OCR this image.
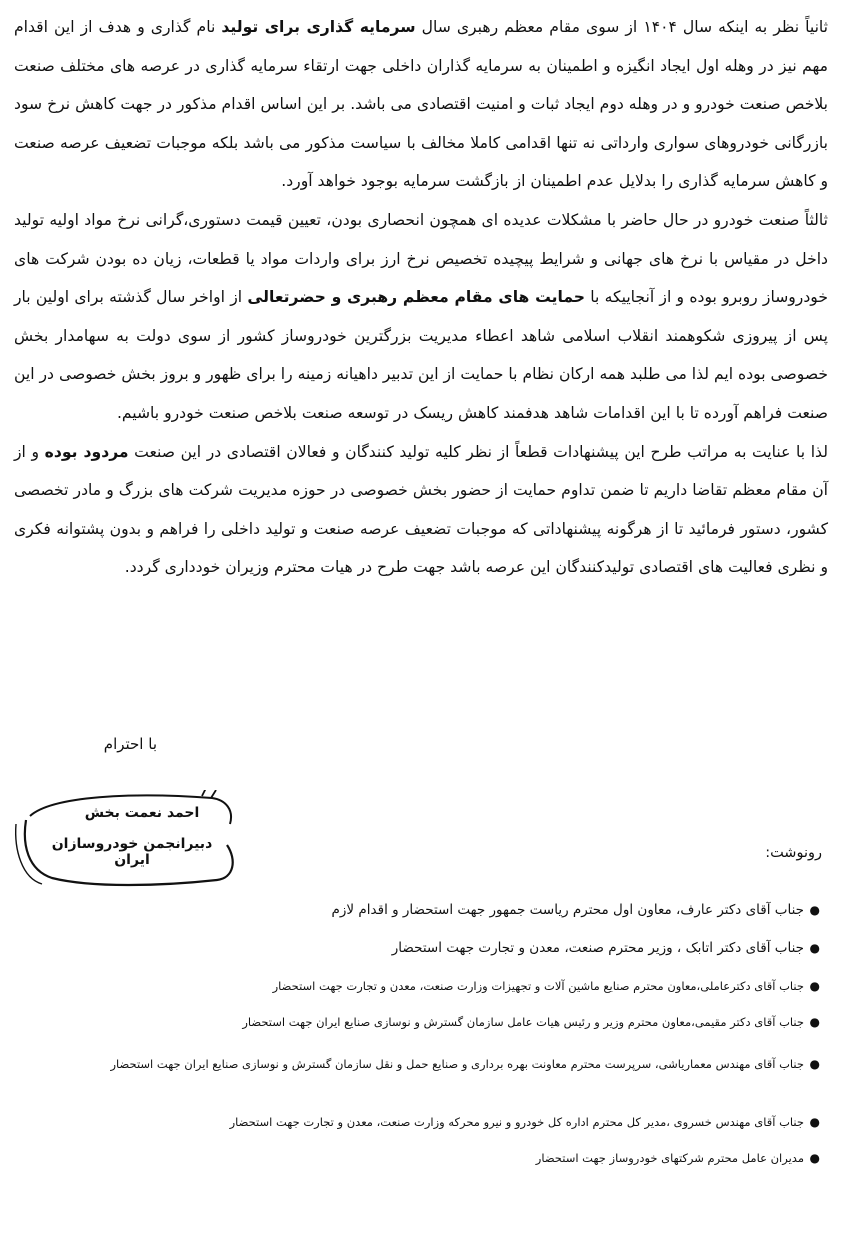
ثانیاً نظر به اینکه سال ۱۴۰۴ از سوی مقام معظم رهبری سال سرمایه گذاری برای تولید نام گذاری و هدف از این اقدام مهم نیز در وهله اول ایجاد انگیزه و اطمینان به سرمایه گذاران داخلی جهت ارتقاء سرمایه گذاری در عرصه های مختلف صنعت بلاخص صنعت خودرو و در وهله دوم ایجاد ثبات و امنیت اقتصادی می باشد. بر این اساس اقدام مذکور در جهت کاهش نرخ سود بازرگانی خودروهای سواری وارداتی نه تنها اقدامی کاملا مخالف با سیاست مذکور می باشد بلکه موجبات تضعیف عرصه صنعت و کاهش سرمایه گذاری را بدلایل عدم اطمینان از بازگشت سرمایه بوجود خواهد آورد.

ثالثاً صنعت خودرو در حال حاضر با مشکلات عدیده ای همچون انحصاری بودن، تعیین قیمت دستوری،گرانی نرخ مواد اولیه تولید داخل در مقیاس با نرخ های جهانی و شرایط پیچیده تخصیص نرخ ارز برای واردات مواد یا قطعات، زیان ده بودن شرکت های خودروساز روبرو بوده و از آنجاییکه با حمایت های مقام معظم رهبری و حضرتعالی از اواخر سال گذشته برای اولین بار پس از پیروزی شکوهمند انقلاب اسلامی شاهد اعطاء مدیریت بزرگترین خودروساز کشور از سوی دولت به سهامدار بخش خصوصی بوده ایم لذا می طلبد همه ارکان نظام با حمایت از این تدبیر داهیانه زمینه را برای ظهور و بروز بخش خصوصی در این صنعت فراهم آورده تا با این اقدامات شاهد هدفمند کاهش ریسک در توسعه صنعت بلاخص صنعت خودرو باشیم.

لذا با عنایت به مراتب طرح این پیشنهادات قطعاً از نظر کلیه تولید کنندگان و فعالان اقتصادی در این صنعت مردود بوده و از آن مقام معظم تقاضا داریم تا ضمن تداوم حمایت از حضور بخش خصوصی در حوزه مدیریت شرکت های بزرگ و مادر تخصصی کشور، دستور فرمائید تا از هرگونه پیشنهاداتی که موجبات تضعیف عرصه صنعت و تولید داخلی را فراهم و بدون پشتوانه فکری و نظری فعالیت های اقتصادی تولیدکنندگان این عرصه باشد جهت طرح در هیات محترم وزیران خودداری گردد.

با احترام
احمد نعمت بخش
دبیرانجمن خودروسازان ایران	رونوشت:
●
جناب آقای دکتر عارف، معاون اول محترم ریاست جمهور جهت استحضار و اقدام لازم
●
جناب آقای دکتر اتابک ، وزیر محترم صنعت، معدن و تجارت جهت استحضار
●
جناب آقای دکترعاملی،معاون محترم صنایع ماشین آلات و تجهیزات وزارت صنعت، معدن و تجارت جهت استحضار
●
جناب آقای دکتر مقیمی،معاون محترم وزیر و رئیس هیات عامل سازمان گسترش و نوسازی صنایع ایران جهت استحضار
●
جناب آقای مهندس معماریاشی، سرپرست محترم معاونت بهره برداری و صنایع حمل و نقل سازمان گسترش و نوسازی صنایع ایران جهت استحضار
●
جناب آقای مهندس خسروی ،مدیر کل محترم اداره کل خودرو و نیرو محرکه وزارت صنعت، معدن و تجارت جهت استحضار
●
مدیران عامل محترم شرکتهای خودروساز جهت استحضار
